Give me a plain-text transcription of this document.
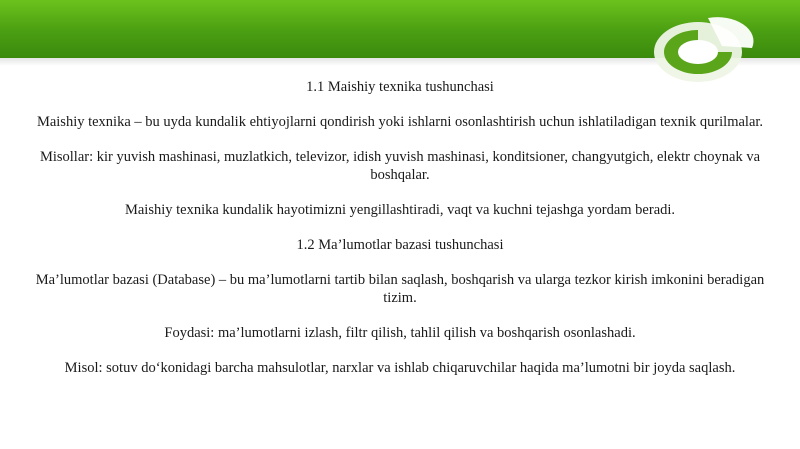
1.1 Maishiy texnika tushunchasi

Maishiy texnika – bu uyda kundalik ehtiyojlarni qondirish yoki ishlarni osonlashtirish uchun ishlatiladigan texnik qurilmalar.

Misollar: kir yuvish mashinasi, muzlatkich, televizor, idish yuvish mashinasi, konditsioner, changyutgich, elektr choynak va boshqalar.

Maishiy texnika kundalik hayotimizni yengillashtiradi, vaqt va kuchni tejashga yordam beradi.

1.2 Ma’lumotlar bazasi tushunchasi

Ma’lumotlar bazasi (Database) – bu ma’lumotlarni tartib bilan saqlash, boshqarish va ularga tezkor kirish imkonini beradigan tizim.

Foydasi: ma’lumotlarni izlash, filtr qilish, tahlil qilish va boshqarish osonlashadi.

Misol: sotuv do‘konidagi barcha mahsulotlar, narxlar va ishlab chiqaruvchilar haqida ma’lumotni bir joyda saqlash.
